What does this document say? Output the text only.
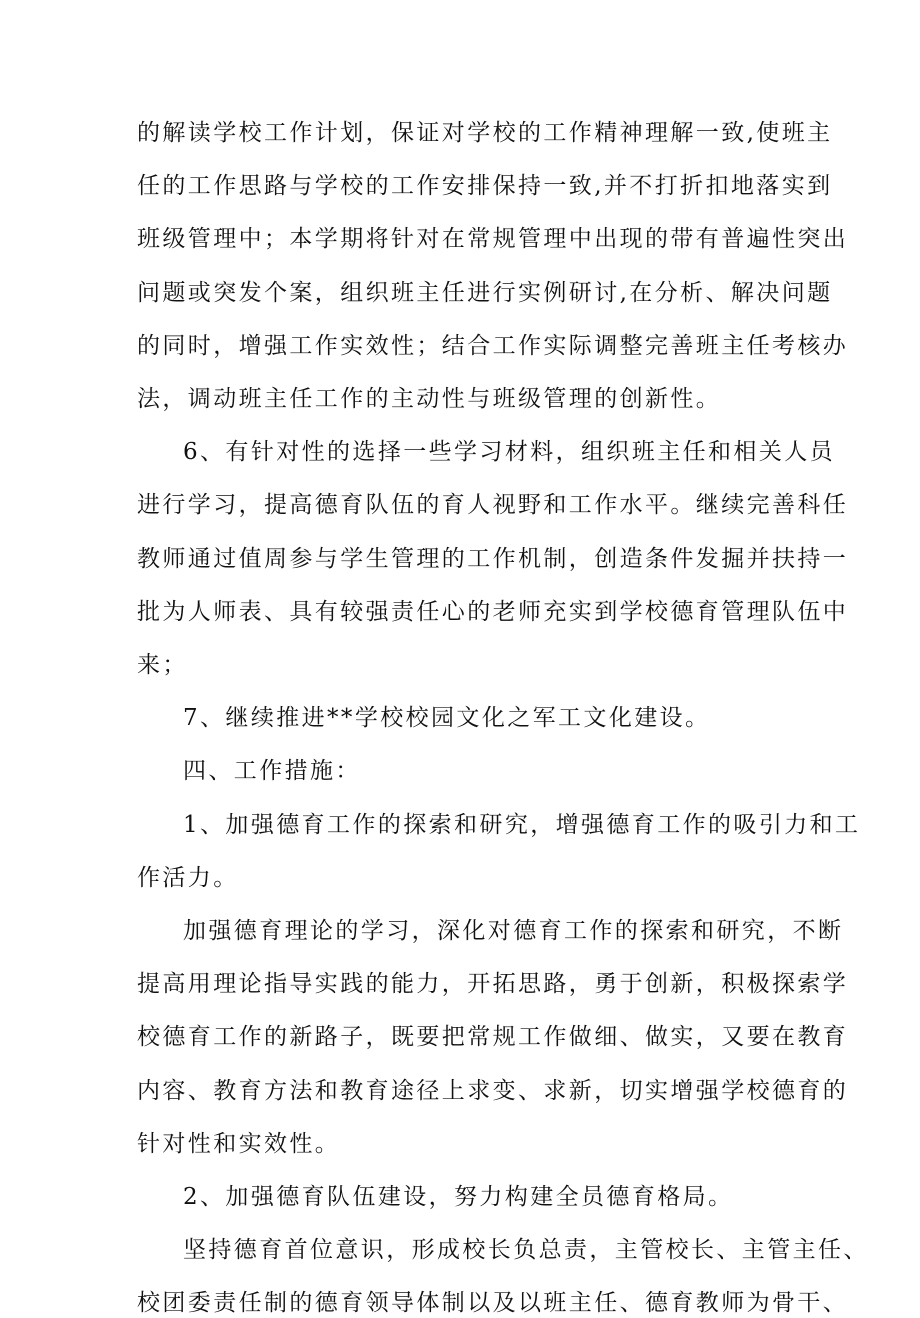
的解读学校工作计划，保证对学校的工作精神理解一致,使班主
任的工作思路与学校的工作安排保持一致,并不打折扣地落实到
班级管理中；本学期将针对在常规管理中出现的带有普遍性突出
问题或突发个案，组织班主任进行实例研讨,在分析、解决问题
的同时，增强工作实效性；结合工作实际调整完善班主任考核办
法，调动班主任工作的主动性与班级管理的创新性。
6、有针对性的选择一些学习材料，组织班主任和相关人员
进行学习，提高德育队伍的育人视野和工作水平。继续完善科任
教师通过值周参与学生管理的工作机制，创造条件发掘并扶持一
批为人师表、具有较强责任心的老师充实到学校德育管理队伍中
来；
7、继续推进**学校校园文化之军工文化建设。
四、工作措施：
1、加强德育工作的探索和研究，增强德育工作的吸引力和工
作活力。
加强德育理论的学习，深化对德育工作的探索和研究，不断
提高用理论指导实践的能力，开拓思路，勇于创新，积极探索学
校德育工作的新路子，既要把常规工作做细、做实，又要在教育
内容、教育方法和教育途径上求变、求新，切实增强学校德育的
针对性和实效性。
2、加强德育队伍建设，努力构建全员德育格局。
坚持德育首位意识，形成校长负总责，主管校长、主管主任、
校团委责任制的德育领导体制以及以班主任、德育教师为骨干、
